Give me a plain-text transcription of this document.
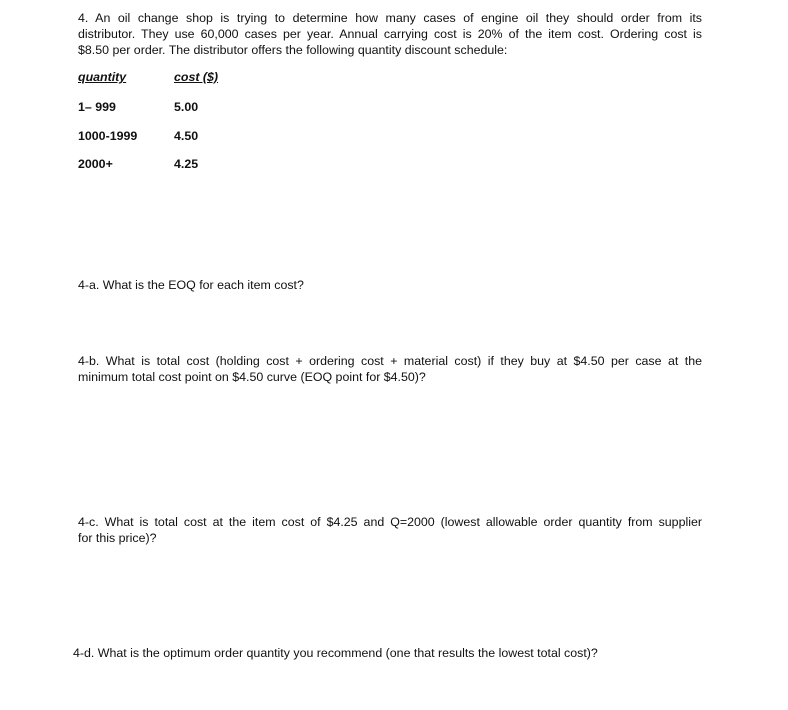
4. An oil change shop is trying to determine how many cases of engine oil they should order from its
distributor. They use 60,000 cases per year. Annual carrying cost is 20% of the item cost. Ordering cost is
$8.50 per order. The distributor offers the following quantity discount schedule:
quantity	cost ($)
1– 999	5.00
1000-1999	4.50
2000+	4.25
4-a. What is the EOQ for each item cost?
4-b. What is total cost (holding cost + ordering cost + material cost) if they buy at $4.50 per case at the
minimum total cost point on $4.50 curve (EOQ point for $4.50)?
4-c. What is total cost at the item cost of $4.25 and Q=2000 (lowest allowable order quantity from supplier
for this price)?
4-d. What is the optimum order quantity you recommend (one that results the lowest total cost)?
